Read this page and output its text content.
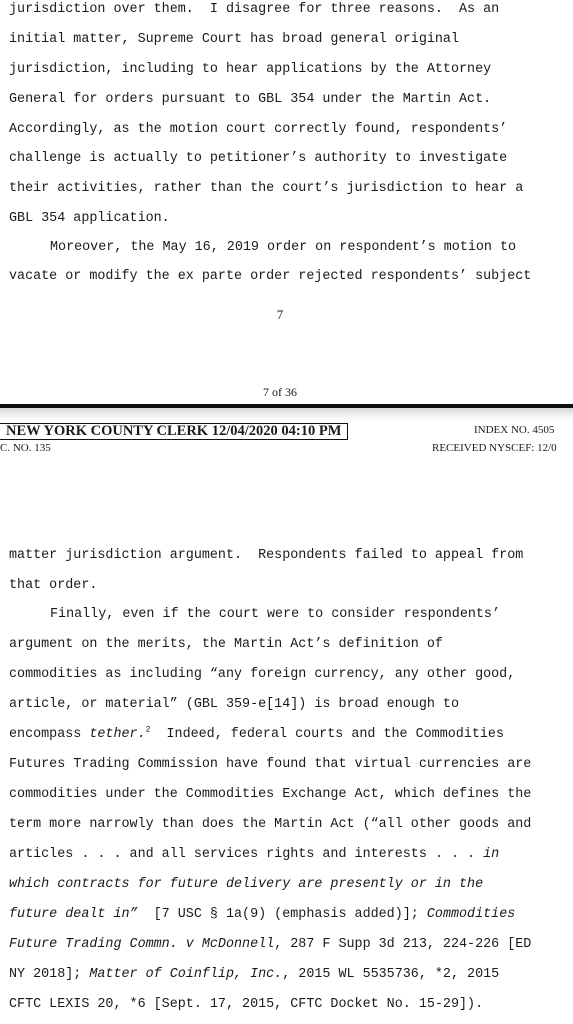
jurisdiction over them.  I disagree for three reasons.  As an
initial matter, Supreme Court has broad general original
jurisdiction, including to hear applications by the Attorney
General for orders pursuant to GBL 354 under the Martin Act.
Accordingly, as the motion court correctly found, respondents’
challenge is actually to petitioner’s authority to investigate
their activities, rather than the court’s jurisdiction to hear a
GBL 354 application.
Moreover, the May 16, 2019 order on respondent’s motion to
vacate or modify the ex parte order rejected respondents’ subject
7
7 of 36
NEW YORK COUNTY CLERK 12/04/2020 04:10 PM	INDEX NO. 4505
C. NO. 135	RECEIVED NYSCEF: 12/0
matter jurisdiction argument.  Respondents failed to appeal from
that order.
Finally, even if the court were to consider respondents’
argument on the merits, the Martin Act’s definition of
commodities as including “any foreign currency, any other good,
article, or material” (GBL 359-e[14]) is broad enough to
encompass tether.$^2$  Indeed, federal courts and the Commodities
Futures Trading Commission have found that virtual currencies are
commodities under the Commodities Exchange Act, which defines the
term more narrowly than does the Martin Act (“all other goods and
articles . . . and all services rights and interests . . . in
which contracts for future delivery are presently or in the
future dealt in”  [7 USC § 1a(9) (emphasis added)]; Commodities
Future Trading Commn. v McDonnell, 287 F Supp 3d 213, 224-226 [ED
NY 2018]; Matter of Coinflip, Inc., 2015 WL 5535736, *2, 2015
CFTC LEXIS 20, *6 [Sept. 17, 2015, CFTC Docket No. 15-29]).
